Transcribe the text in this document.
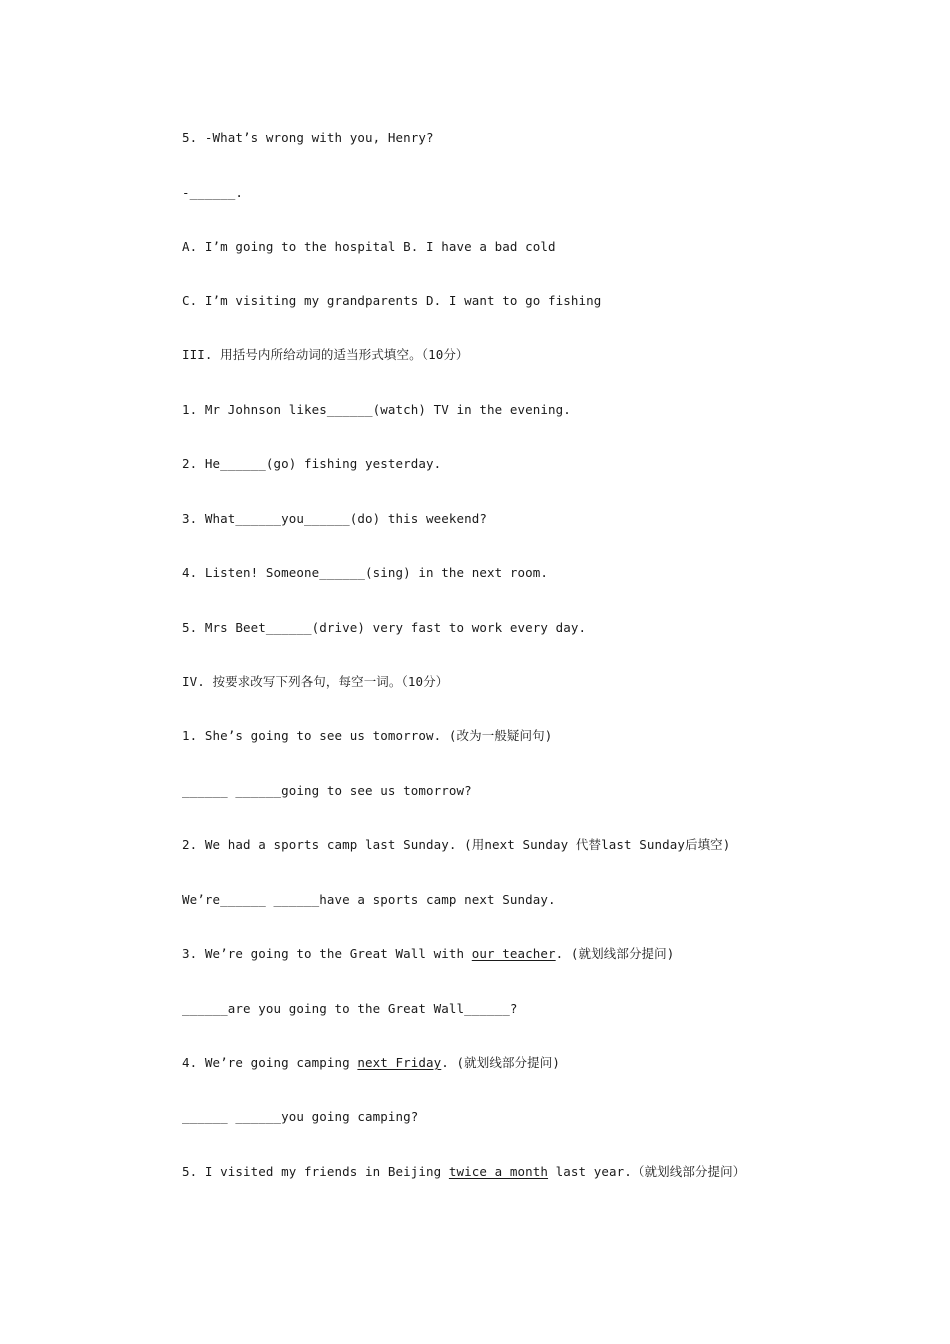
5. -What’s wrong with you, Henry?
-______.
A. I’m going to the hospital B. I have a bad cold
C. I’m visiting my grandparents D. I want to go fishing
III. 用括号内所给动词的适当形式填空。（10分）
1. Mr Johnson likes______(watch) TV in the evening.
2. He______(go) fishing yesterday.
3. What______you______(do) this weekend?
4. Listen! Someone______(sing) in the next room.
5. Mrs Beet______(drive) very fast to work every day.
IV. 按要求改写下列各句，每空一词。（10分）
1. She’s going to see us tomorrow. (改为一般疑问句)
______ ______going to see us tomorrow?
2. We had a sports camp last Sunday. (用next Sunday 代替last Sunday后填空)
We’re______ ______have a sports camp next Sunday.
3. We’re going to the Great Wall with our teacher. (就划线部分提问)
______are you going to the Great Wall______?
4. We’re going camping next Friday. (就划线部分提问)
______ ______you going camping?
5. I visited my friends in Beijing twice a month last year.（就划线部分提问）
